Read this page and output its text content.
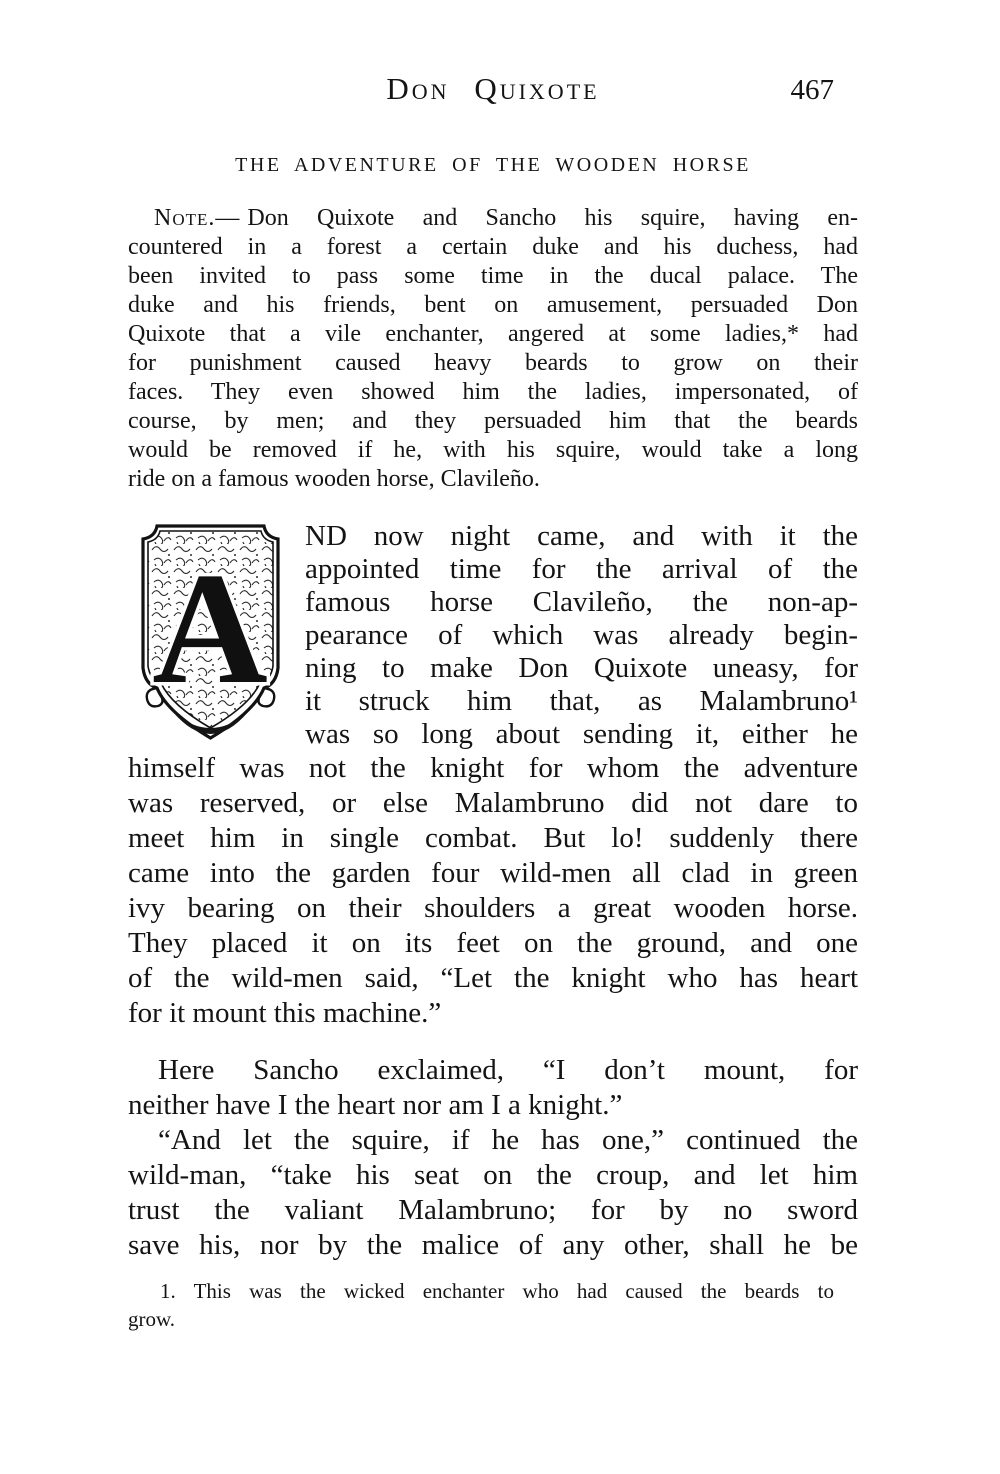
Don Quixote	467
THE ADVENTURE OF THE WOODEN HORSE
Note.— Don Quixote and Sancho his squire, having en-
countered in a forest a certain duke and his duchess, had
been invited to pass some time in the ducal palace. The
duke and his friends, bent on amusement, persuaded Don
Quixote that a vile enchanter, angered at some ladies,* had
for punishment caused heavy beards to grow on their
faces. They even showed him the ladies, impersonated, of
course, by men; and they persuaded him that the beards
would be removed if he, with his squire, would take a long
ride on a famous wooden horse, Clavileño.
A
ND now night came, and with it the
appointed time for the arrival of the
famous horse Clavileño, the non-ap-
pearance of which was already begin-
ning to make Don Quixote uneasy, for
it struck him that, as Malambruno¹
was so long about sending it, either he
himself was not the knight for whom the adventure
was reserved, or else Malambruno did not dare to
meet him in single combat. But lo! suddenly there
came into the garden four wild-men all clad in green
ivy bearing on their shoulders a great wooden horse.
They placed it on its feet on the ground, and one
of the wild-men said, “Let the knight who has heart
for it mount this machine.”
Here Sancho exclaimed, “I don’t mount, for
neither have I the heart nor am I a knight.”
“And let the squire, if he has one,” continued the
wild-man, “take his seat on the croup, and let him
trust the valiant Malambruno; for by no sword
save his, nor by the malice of any other, shall he be
1. This was the wicked enchanter who had caused the beards to
grow.
